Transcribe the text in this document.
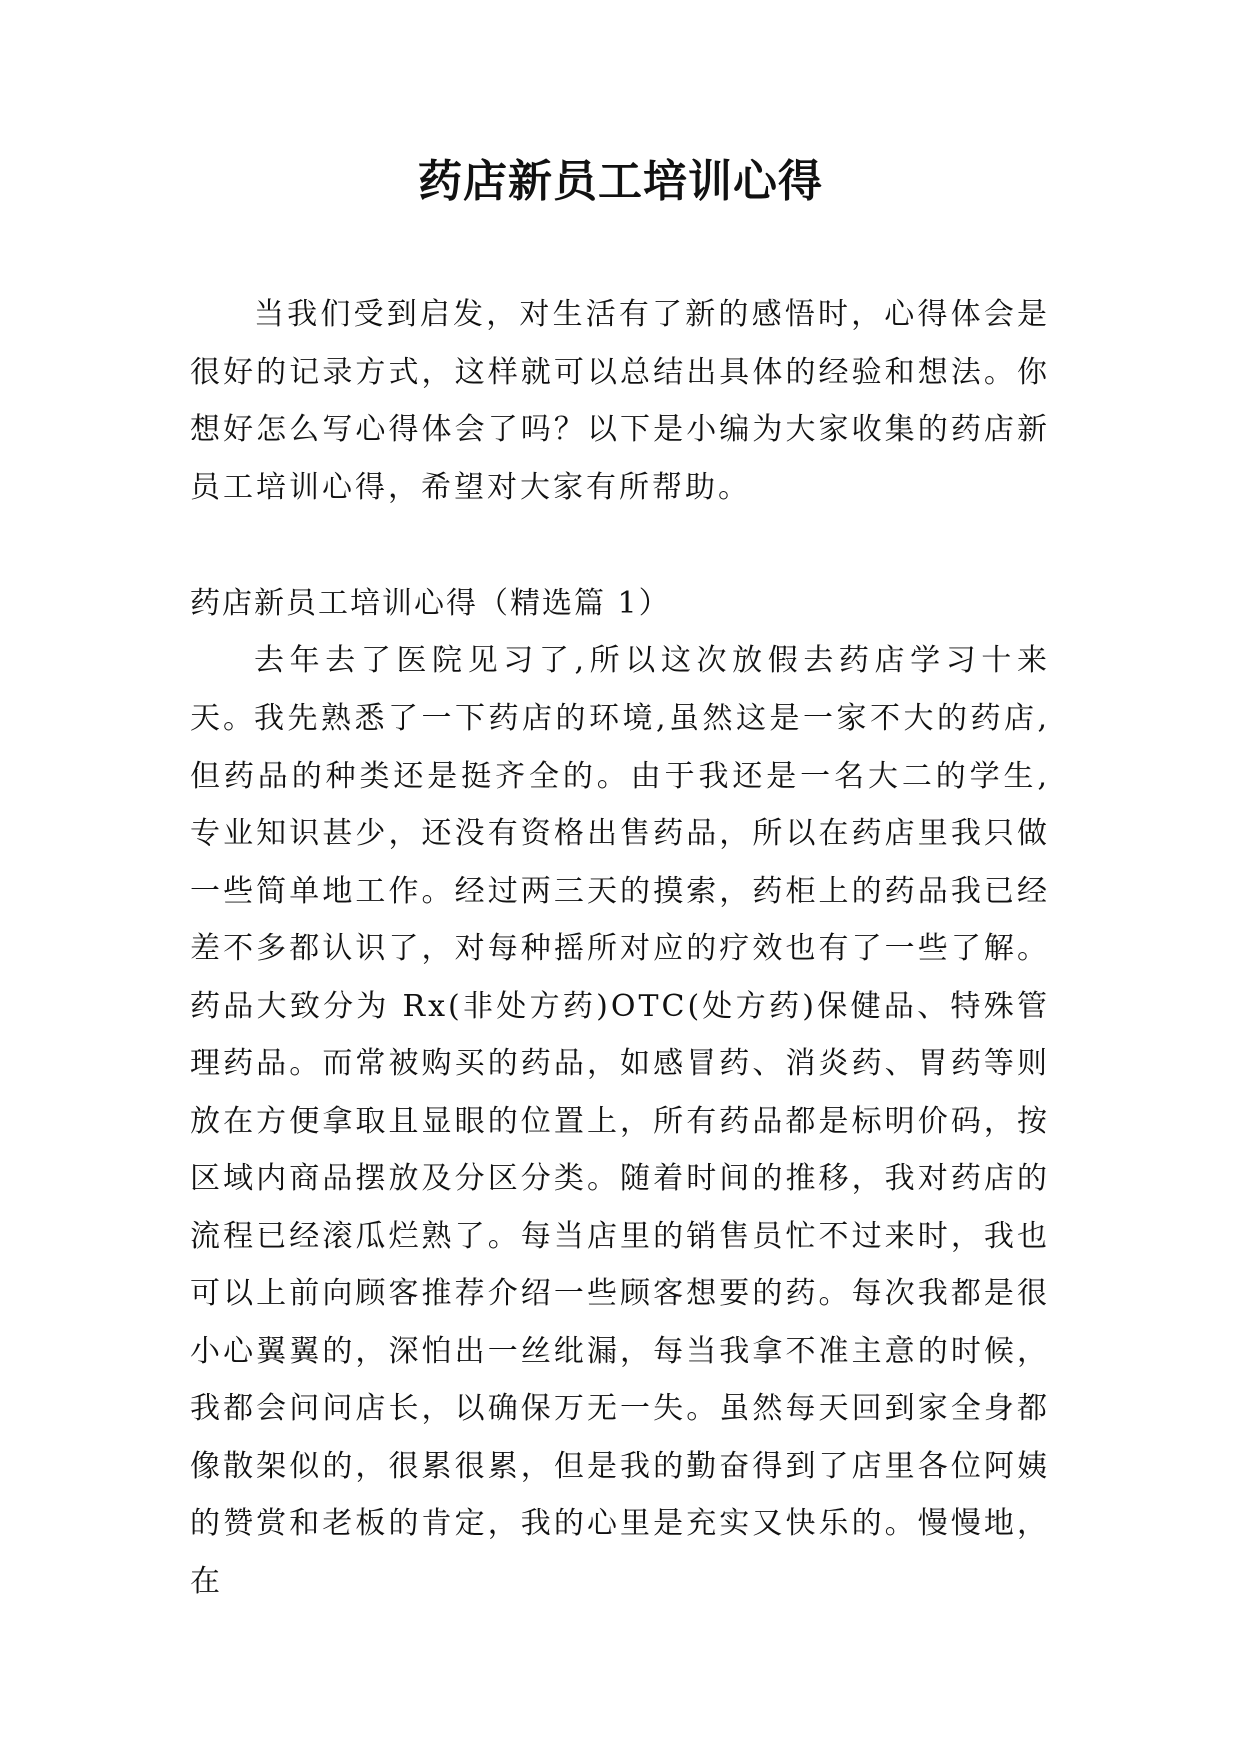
药店新员工培训心得

当我们受到启发，对生活有了新的感悟时，心得体会是很好的记录方式，这样就可以总结出具体的经验和想法。你想好怎么写心得体会了吗？以下是小编为大家收集的药店新员工培训心得，希望对大家有所帮助。

药店新员工培训心得（精选篇 1）

去年去了医院见习了,所以这次放假去药店学习十来天。

我先熟悉了一下药店的环境,虽然这是一家不大的药店,但药品的种类还是挺齐全的。由于我还是一名大二的学生,专业知识甚少，还没有资格出售药品，所以在药店里我只做一些简单地工作。经过两三天的摸索，药柜上的药品我已经差不多都认识了，对每种摇所对应的疗效也有了一些了解。药品大致分为 Rx(非处方药)OTC(处方药)保健品、特殊管理药品。而常被购买的药品，如感冒药、消炎药、胃药等则放在方便拿取且显眼的位置上，所有药品都是标明价码，按区域内商品摆放及分区分类。随着时间的推移，我对药店的流程已经滚瓜烂熟了。每当店里的销售员忙不过来时，我也可以上前向顾客推荐介绍一些顾客想要的药。每次我都是很小心翼翼的，深怕出一丝纰漏，每当我拿不准主意的时候，我都会问问店长，以确保万无一失。虽然每天回到家全身都像散架似的，很累很累，但是我的勤奋得到了店里各位阿姨的赞赏和老板的肯定，我的心里是充实又快乐的。慢慢地，在
